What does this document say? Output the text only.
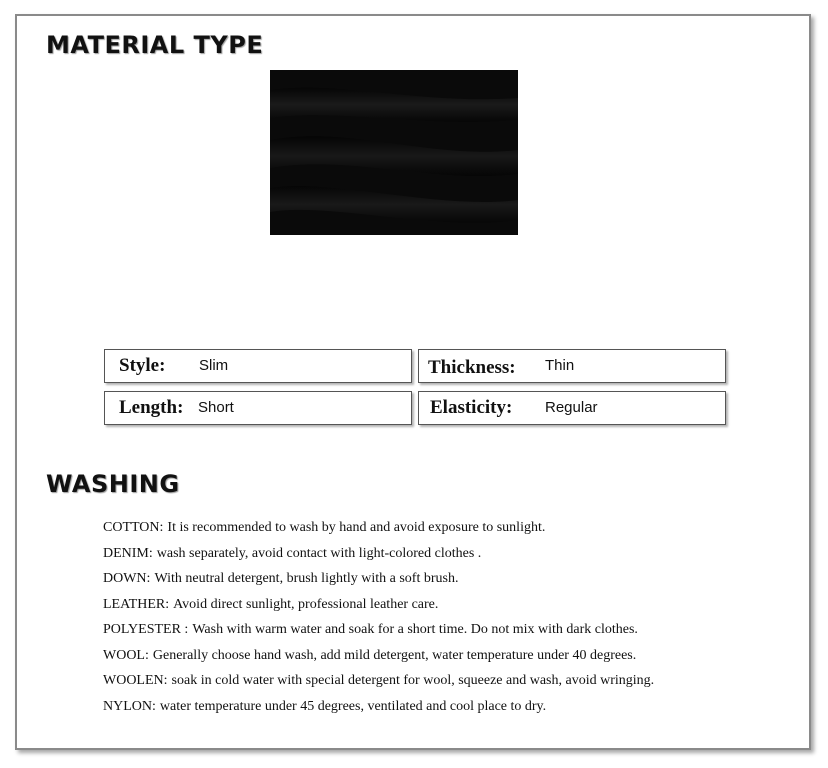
MATERIAL TYPE
Style: Slim	Thickness: Thin
Length: Short	Elasticity: Regular
WASHING
COTTON: It is recommended to wash by hand and avoid exposure to sunlight.
DENIM: wash separately, avoid contact with light-colored clothes .
DOWN: With neutral detergent, brush lightly with a soft brush.
LEATHER: Avoid direct sunlight, professional leather care.
POLYESTER : Wash with warm water and soak for a short time. Do not mix with dark clothes.
WOOL: Generally choose hand wash, add mild detergent, water temperature under 40 degrees.
WOOLEN: soak in cold water with special detergent for wool, squeeze and wash, avoid wringing.
NYLON: water temperature under 45 degrees, ventilated and cool place to dry.
